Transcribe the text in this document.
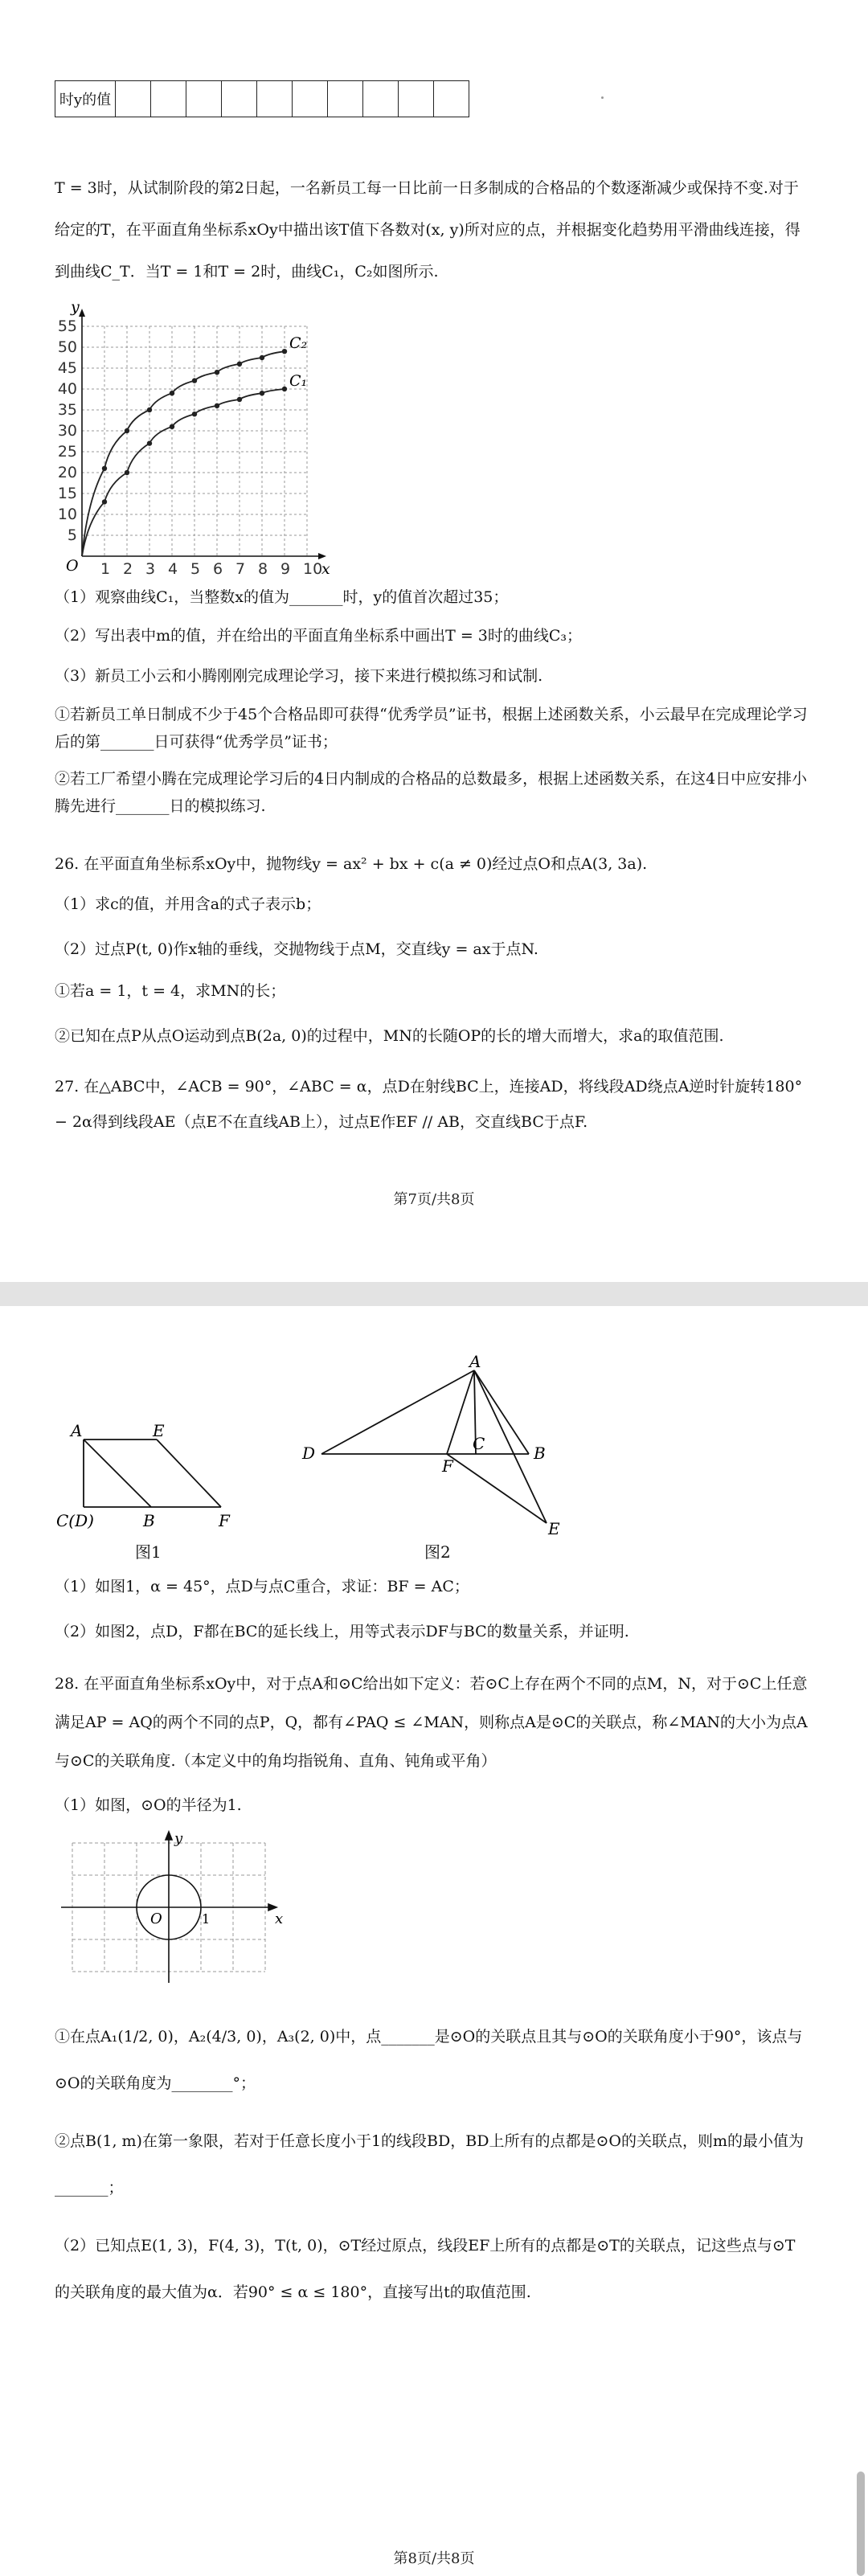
时y的值										
T = 3时，从试制阶段的第2日起，一名新员工每一日比前一日多制成的合格品的个数逐渐减少或保持不变.对于给定的T，在平面直角坐标系xOy中描出该T值下各数对(x, y)所对应的点，并根据变化趋势用平滑曲线连接，得到曲线C_T．当T = 1和T = 2时，曲线C₁，C₂如图所示.
1 2 3 4 5 6 7 8 9 10
5
10
15
20
25
30
35
40
45
50
55
O	x
y
C₂
C₁
（1）观察曲线C₁，当整数x的值为_______时，y的值首次超过35；
（2）写出表中m的值，并在给出的平面直角坐标系中画出T = 3时的曲线C₃；
（3）新员工小云和小腾刚刚完成理论学习，接下来进行模拟练习和试制.
①若新员工单日制成不少于45个合格品即可获得“优秀学员”证书，根据上述函数关系，小云最早在完成理论学习后的第_______日可获得“优秀学员”证书；
②若工厂希望小腾在完成理论学习后的4日内制成的合格品的总数最多，根据上述函数关系，在这4日中应安排小腾先进行_______日的模拟练习.
26. 在平面直角坐标系xOy中，抛物线y = ax² + bx + c(a ≠ 0)经过点O和点A(3, 3a).
（1）求c的值，并用含a的式子表示b；
（2）过点P(t, 0)作x轴的垂线，交抛物线于点M，交直线y = ax于点N.
①若a = 1，t = 4，求MN的长；
②已知在点P从点O运动到点B(2a, 0)的过程中，MN的长随OP的长的增大而增大，求a的取值范围.
27. 在△ABC中，∠ACB = 90°，∠ABC = α，点D在射线BC上，连接AD，将线段AD绕点A逆时针旋转180° − 2α得到线段AE（点E不在直线AB上），过点E作EF // AB，交直线BC于点F.
第7页/共8页
A	E
C(D)	B	F
图1
A
D	C
F
B
E
图2
（1）如图1，α = 45°，点D与点C重合，求证：BF = AC；
（2）如图2，点D，F都在BC的延长线上，用等式表示DF与BC的数量关系，并证明.
28. 在平面直角坐标系xOy中，对于点A和⊙C给出如下定义：若⊙C上存在两个不同的点M，N，对于⊙C上任意满足AP = AQ的两个不同的点P，Q，都有∠PAQ ≤ ∠MAN，则称点A是⊙C的关联点，称∠MAN的大小为点A与⊙C的关联角度.（本定义中的角均指锐角、直角、钝角或平角）
（1）如图，⊙O的半径为1.
y
O	1	x
①在点A₁(1/2, 0)，A₂(4/3, 0)，A₃(2, 0)中，点_______是⊙O的关联点且其与⊙O的关联角度小于90°，该点与⊙O的关联角度为________°；
②点B(1, m)在第一象限，若对于任意长度小于1的线段BD，BD上所有的点都是⊙O的关联点，则m的最小值为_______；
（2）已知点E(1, 3)，F(4, 3)，T(t, 0)，⊙T经过原点，线段EF上所有的点都是⊙T的关联点，记这些点与⊙T的关联角度的最大值为α．若90° ≤ α ≤ 180°，直接写出t的取值范围.
第8页/共8页
